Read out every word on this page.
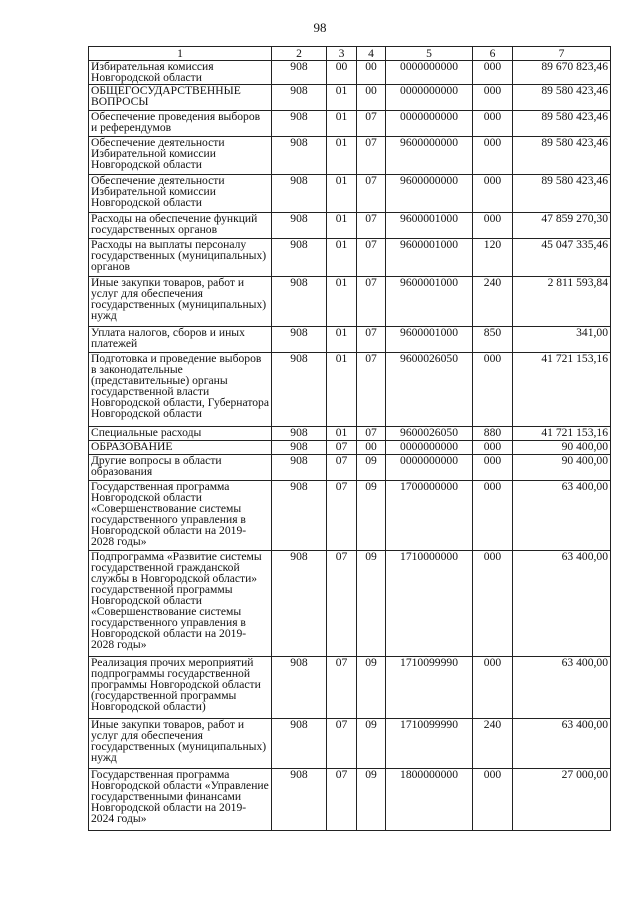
98
1	2	3	4	5	6	7
Избирательная комиссия Новгородской области	908	00	00	0000000000	000	89 670 823,46
ОБЩЕГОСУДАРСТВЕННЫЕ ВОПРОСЫ	908	01	00	0000000000	000	89 580 423,46
Обеспечение проведения выборов и референдумов	908	01	07	0000000000	000	89 580 423,46
Обеспечение деятельности Избирательной комиссии Новгородской области	908	01	07	9600000000	000	89 580 423,46
Обеспечение деятельности Избирательной комиссии Новгородской области	908	01	07	9600000000	000	89 580 423,46
Расходы на обеспечение функций государственных органов	908	01	07	9600001000	000	47 859 270,30
Расходы на выплаты персоналу государственных (муниципальных) органов	908	01	07	9600001000	120	45 047 335,46
Иные закупки товаров, работ и услуг для обеспечения государственных (муниципальных) нужд	908	01	07	9600001000	240	2 811 593,84
Уплата налогов, сборов и иных платежей	908	01	07	9600001000	850	341,00
Подготовка и проведение выборов в законодательные (представительные) органы государственной власти Новгородской области, Губернатора Новгородской области	908	01	07	9600026050	000	41 721 153,16
Специальные расходы	908	01	07	9600026050	880	41 721 153,16
ОБРАЗОВАНИЕ	908	07	00	0000000000	000	90 400,00
Другие вопросы в области образования	908	07	09	0000000000	000	90 400,00
Государственная программа Новгородской области «Совершенствование системы государственного управления в Новгородской области на 2019-2028 годы»	908	07	09	1700000000	000	63 400,00
Подпрограмма «Развитие системы государственной гражданской службы в Новгородской области» государственной программы Новгородской области «Совершенствование системы государственного управления в Новгородской области на 2019-2028 годы»	908	07	09	1710000000	000	63 400,00
Реализация прочих мероприятий подпрограммы государственной программы Новгородской области (государственной программы Новгородской области)	908	07	09	1710099990	000	63 400,00
Иные закупки товаров, работ и услуг для обеспечения государственных (муниципальных) нужд	908	07	09	1710099990	240	63 400,00
Государственная программа Новгородской области «Управление государственными финансами Новгородской области на 2019-2024 годы»	908	07	09	1800000000	000	27 000,00
